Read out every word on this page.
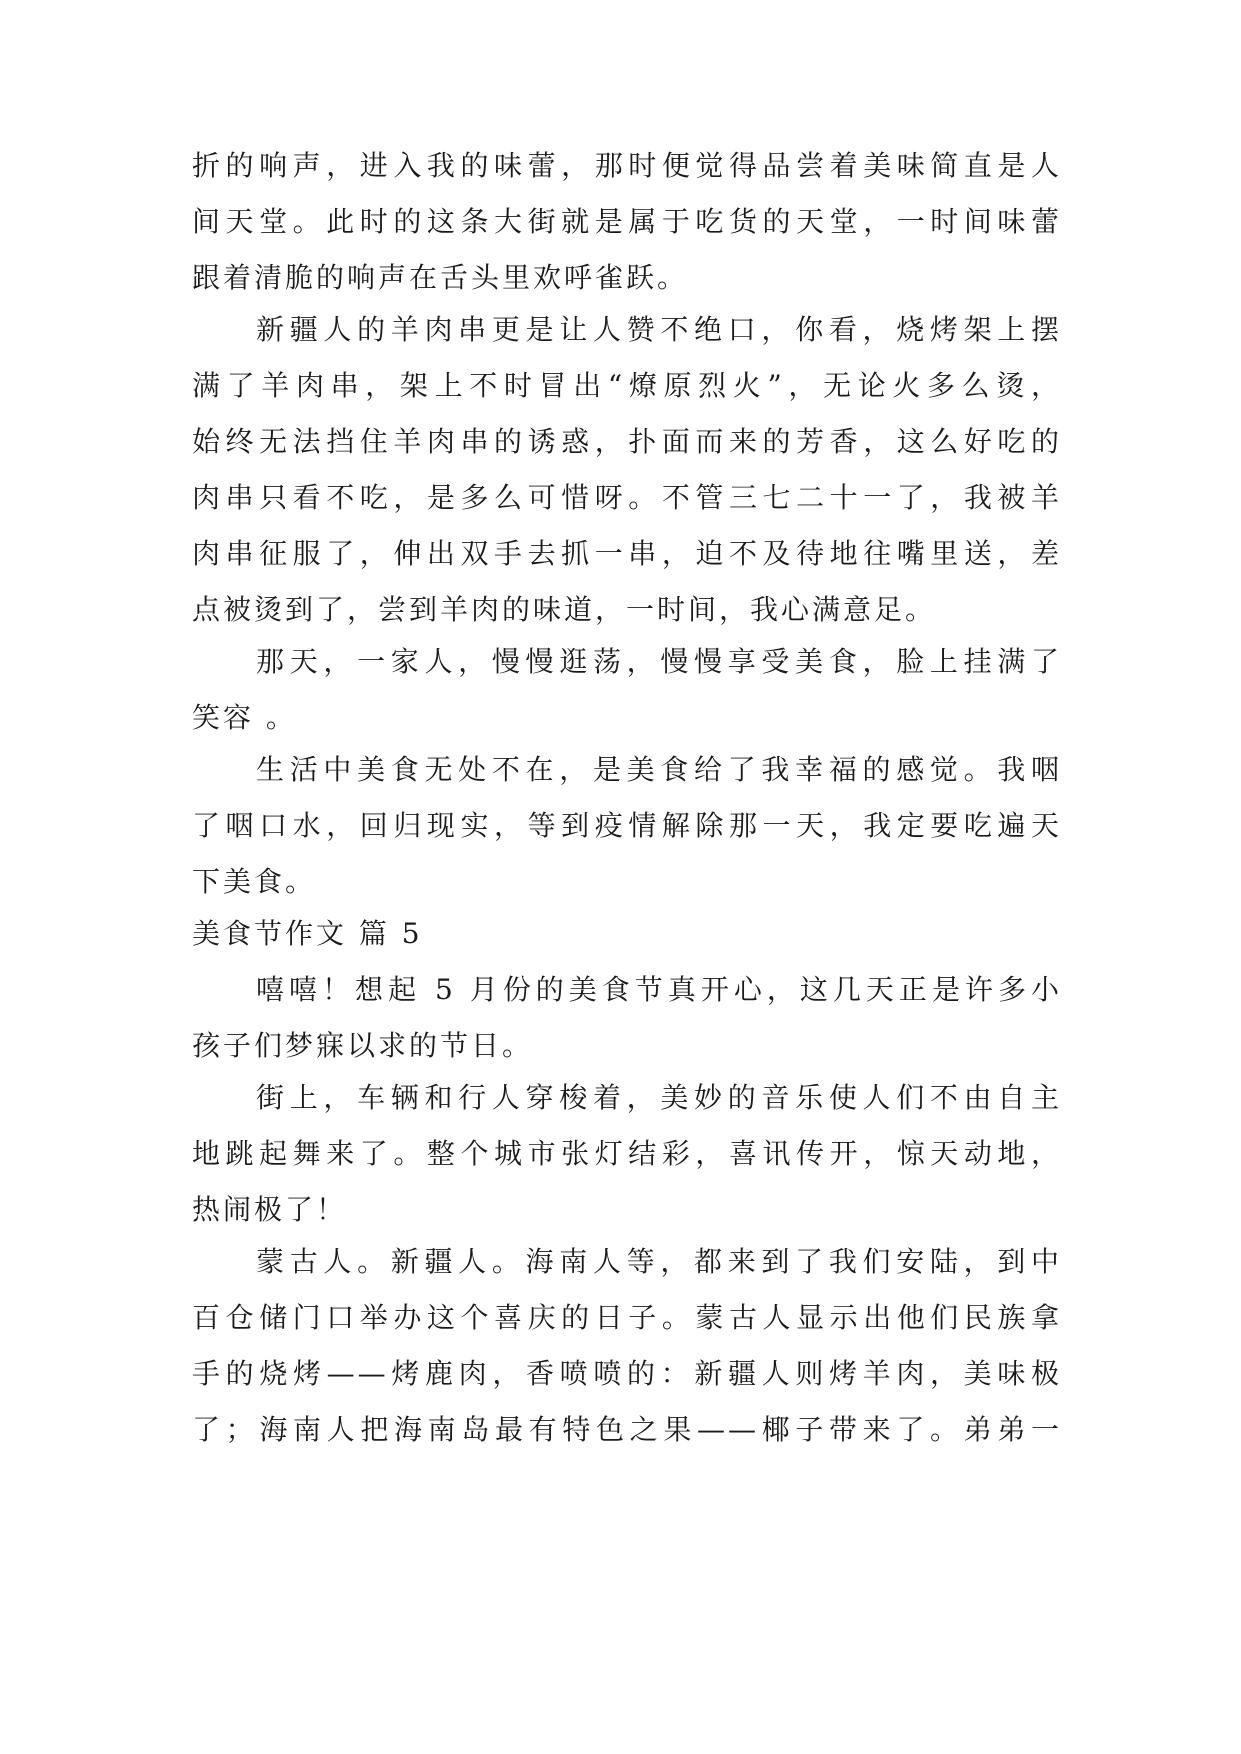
折的响声，进入我的味蕾，那时便觉得品尝着美味简直是人
间天堂。此时的这条大街就是属于吃货的天堂，一时间味蕾
跟着清脆的响声在舌头里欢呼雀跃。
新疆人的羊肉串更是让人赞不绝口，你看，烧烤架上摆
满了羊肉串，架上不时冒出“燎原烈火”，无论火多么烫，
始终无法挡住羊肉串的诱惑，扑面而来的芳香，这么好吃的
肉串只看不吃，是多么可惜呀。不管三七二十一了，我被羊
肉串征服了，伸出双手去抓一串，迫不及待地往嘴里送，差
点被烫到了，尝到羊肉的味道，一时间，我心满意足。
那天，一家人，慢慢逛荡，慢慢享受美食，脸上挂满了
笑容 。
生活中美食无处不在，是美食给了我幸福的感觉。我咽
了咽口水，回归现实，等到疫情解除那一天，我定要吃遍天
下美食。
美食节作文 篇 5
嘻嘻！想起 5 月份的美食节真开心，这几天正是许多小
孩子们梦寐以求的节日。
街上，车辆和行人穿梭着，美妙的音乐使人们不由自主
地跳起舞来了。整个城市张灯结彩，喜讯传开，惊天动地，
热闹极了！
蒙古人。新疆人。海南人等，都来到了我们安陆，到中
百仓储门口举办这个喜庆的日子。蒙古人显示出他们民族拿
手的烧烤——烤鹿肉，香喷喷的：新疆人则烤羊肉，美味极
了；海南人把海南岛最有特色之果——椰子带来了。弟弟一
